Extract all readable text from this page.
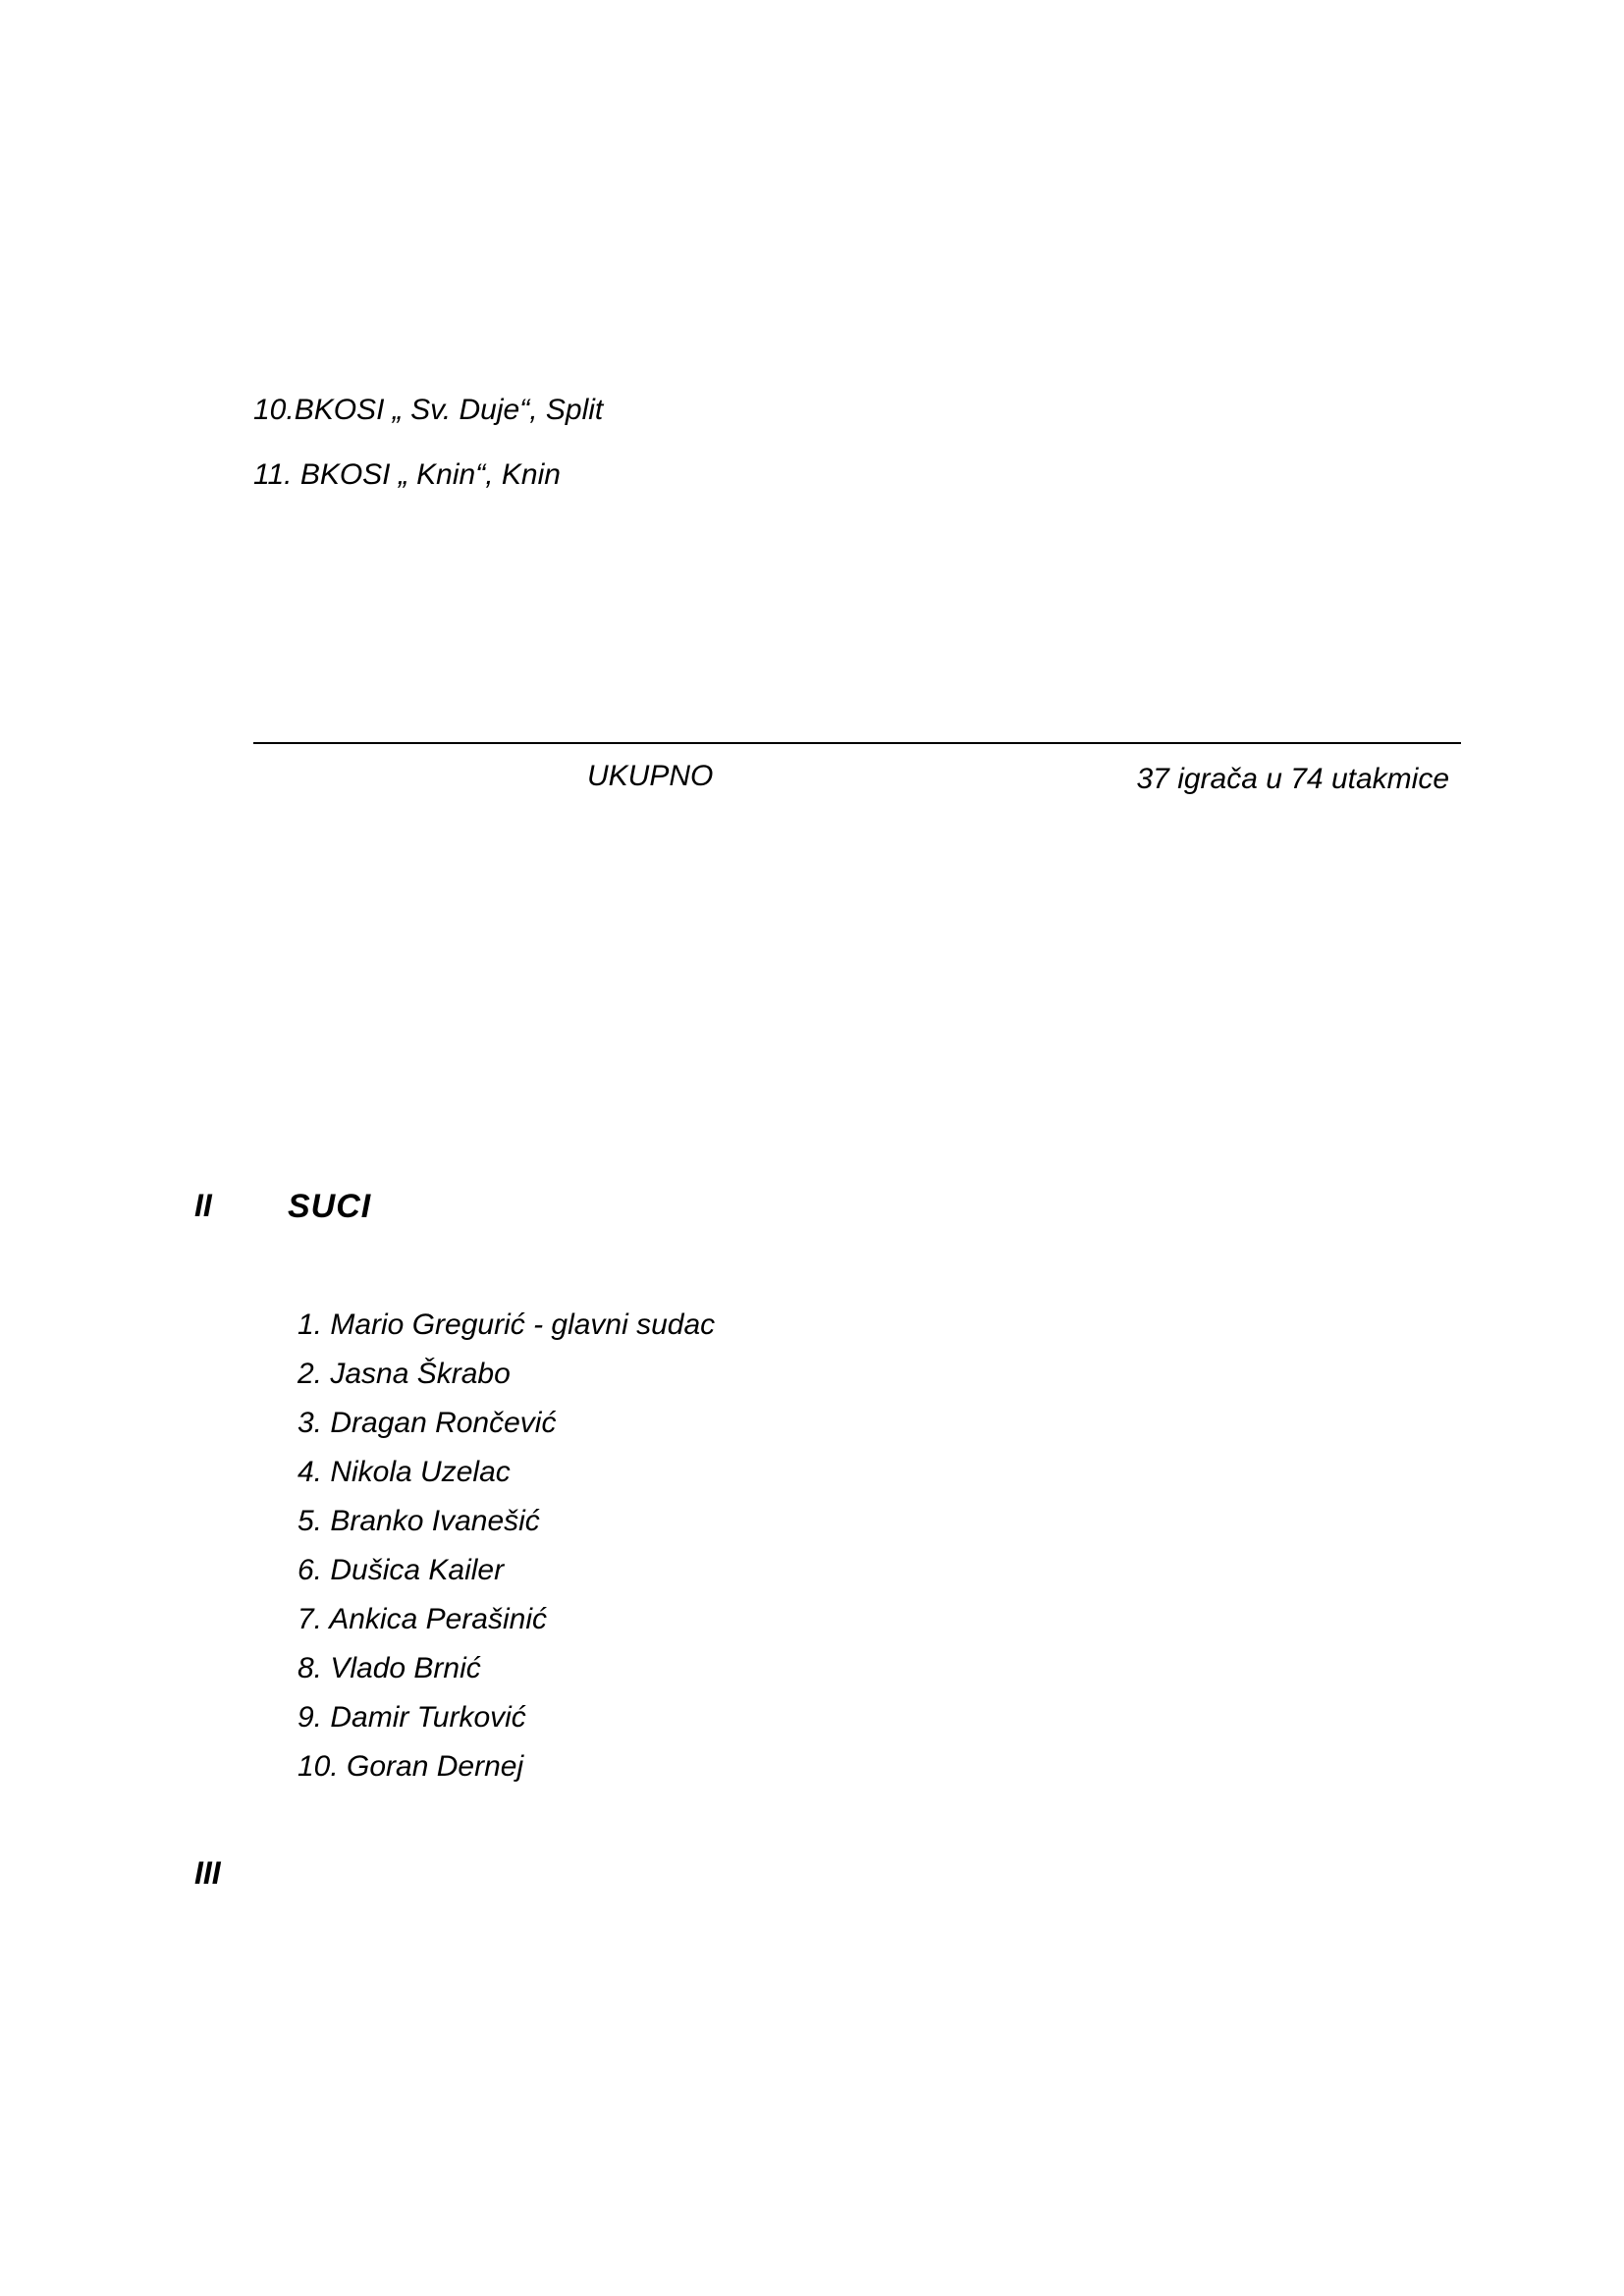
10.BKOSI „ Sv. Duje“, Split
11. BKOSI „ Knin“, Knin
UKUPNO	37 igrača u 74 utakmice
II SUCI
1. Mario Gregurić - glavni sudac
2. Jasna Škrabo
3. Dragan Rončević
4. Nikola Uzelac
5. Branko Ivanešić
6. Dušica Kailer
7. Ankica Perašinić
8. Vlado Brnić
9. Damir Turković
10. Goran Dernej
III
